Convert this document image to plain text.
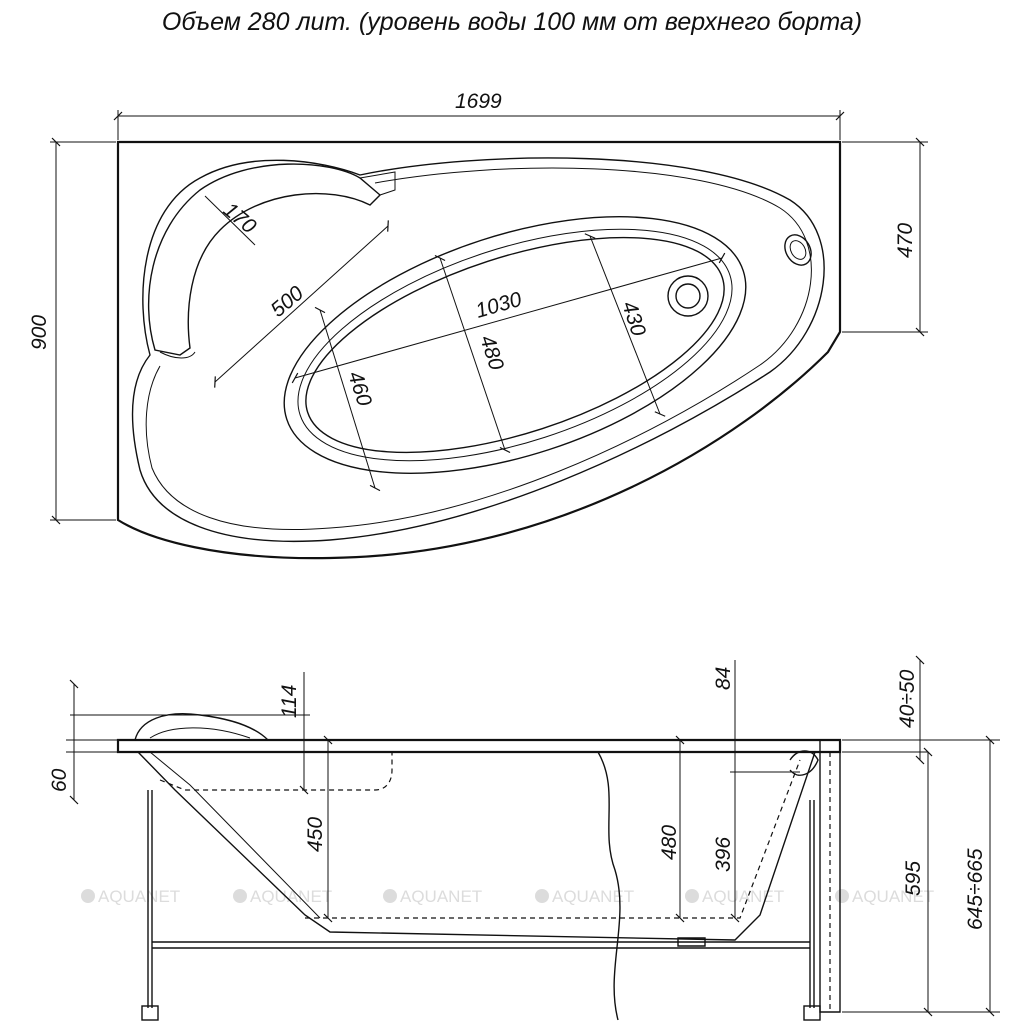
Объем 280 лит. (уровень воды 100 мм от верхнего борта)
1699
900
470
170
500	1030
480
430
460
AQUANET	AQUANET	AQUANET	AQUANET	AQUANET	AQUANET
60
114
450	480 396
84	40÷50
595 645÷665
